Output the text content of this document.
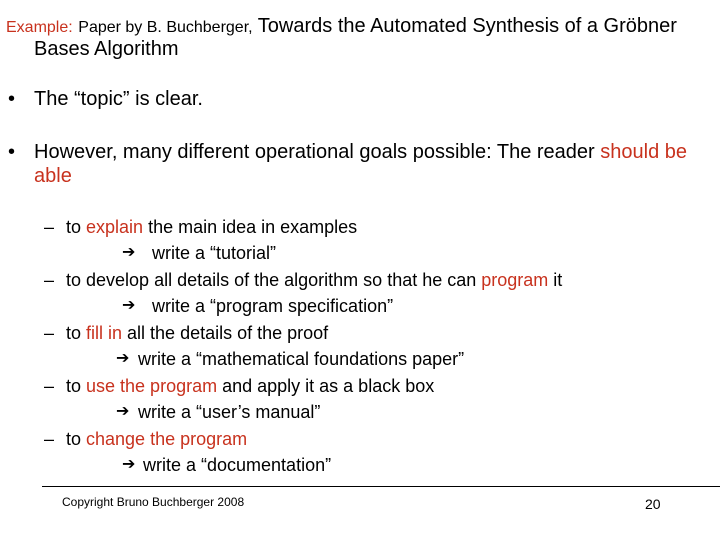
Example: Paper by B. Buchberger, Towards the Automated Synthesis of a Gröbner
Bases Algorithm
• The “topic” is clear.
• However, many different operational goals possible: The reader should be able
– to explain the main idea in examples
➔ write a “tutorial”
– to develop all details of the algorithm so that he can program it
➔ write a “program specification”
– to fill in all the details of the proof
➔ write a “mathematical foundations paper”
– to use the program and apply it as a black box
➔ write a “user’s manual”
– to change the program
➔ write a “documentation”
Copyright Bruno Buchberger 2008	20
